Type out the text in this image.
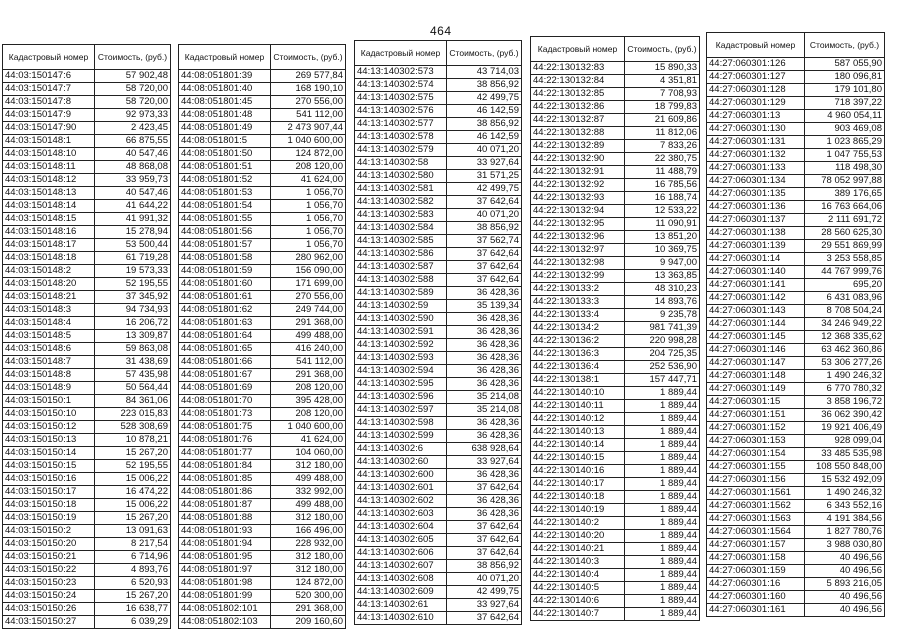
464
Кадастровый номер	Стоимость, (руб.)
44:03:150147:6	57 902,48
44:03:150147:7	58 720,00
44:03:150147:8	58 720,00
44:03:150147:9	92 973,33
44:03:150147:90	2 423,45
44:03:150148:1	66 875,55
44:03:150148:10	40 547,46
44:03:150148:11	48 868,08
44:03:150148:12	33 959,73
44:03:150148:13	40 547,46
44:03:150148:14	41 644,22
44:03:150148:15	41 991,32
44:03:150148:16	15 278,94
44:03:150148:17	53 500,44
44:03:150148:18	61 719,28
44:03:150148:2	19 573,33
44:03:150148:20	52 195,55
44:03:150148:21	37 345,92
44:03:150148:3	94 734,93
44:03:150148:4	16 206,72
44:03:150148:5	13 309,87
44:03:150148:6	59 863,08
44:03:150148:7	31 438,69
44:03:150148:8	57 435,98
44:03:150148:9	50 564,44
44:03:150150:1	84 361,06
44:03:150150:10	223 015,83
44:03:150150:12	528 308,69
44:03:150150:13	10 878,21
44:03:150150:14	15 267,20
44:03:150150:15	52 195,55
44:03:150150:16	15 006,22
44:03:150150:17	16 474,22
44:03:150150:18	15 006,22
44:03:150150:19	15 267,20
44:03:150150:2	13 091,63
44:03:150150:20	8 217,54
44:03:150150:21	6 714,96
44:03:150150:22	4 893,76
44:03:150150:23	6 520,93
44:03:150150:24	15 267,20
44:03:150150:26	16 638,77
44:03:150150:27	6 039,29
Кадастровый номер	Стоимость, (руб.)
44:08:051801:39	269 577,84
44:08:051801:40	168 190,10
44:08:051801:45	270 556,00
44:08:051801:48	541 112,00
44:08:051801:49	2 473 907,44
44:08:051801:5	1 040 600,00
44:08:051801:50	124 872,00
44:08:051801:51	208 120,00
44:08:051801:52	41 624,00
44:08:051801:53	1 056,70
44:08:051801:54	1 056,70
44:08:051801:55	1 056,70
44:08:051801:56	1 056,70
44:08:051801:57	1 056,70
44:08:051801:58	280 962,00
44:08:051801:59	156 090,00
44:08:051801:60	171 699,00
44:08:051801:61	270 556,00
44:08:051801:62	249 744,00
44:08:051801:63	291 368,00
44:08:051801:64	499 488,00
44:08:051801:65	416 240,00
44:08:051801:66	541 112,00
44:08:051801:67	291 368,00
44:08:051801:69	208 120,00
44:08:051801:70	395 428,00
44:08:051801:73	208 120,00
44:08:051801:75	1 040 600,00
44:08:051801:76	41 624,00
44:08:051801:77	104 060,00
44:08:051801:84	312 180,00
44:08:051801:85	499 488,00
44:08:051801:86	332 992,00
44:08:051801:87	499 488,00
44:08:051801:88	312 180,00
44:08:051801:93	166 496,00
44:08:051801:94	228 932,00
44:08:051801:95	312 180,00
44:08:051801:97	312 180,00
44:08:051801:98	124 872,00
44:08:051801:99	520 300,00
44:08:051802:101	291 368,00
44:08:051802:103	209 160,60
Кадастровый номер	Стоимость, (руб.)
44:13:140302:573	43 714,03
44:13:140302:574	38 856,92
44:13:140302:575	42 499,75
44:13:140302:576	46 142,59
44:13:140302:577	38 856,92
44:13:140302:578	46 142,59
44:13:140302:579	40 071,20
44:13:140302:58	33 927,64
44:13:140302:580	31 571,25
44:13:140302:581	42 499,75
44:13:140302:582	37 642,64
44:13:140302:583	40 071,20
44:13:140302:584	38 856,92
44:13:140302:585	37 562,74
44:13:140302:586	37 642,64
44:13:140302:587	37 642,64
44:13:140302:588	37 642,64
44:13:140302:589	36 428,36
44:13:140302:59	35 139,34
44:13:140302:590	36 428,36
44:13:140302:591	36 428,36
44:13:140302:592	36 428,36
44:13:140302:593	36 428,36
44:13:140302:594	36 428,36
44:13:140302:595	36 428,36
44:13:140302:596	35 214,08
44:13:140302:597	35 214,08
44:13:140302:598	36 428,36
44:13:140302:599	36 428,36
44:13:140302:6	638 928,64
44:13:140302:60	33 927,64
44:13:140302:600	36 428,36
44:13:140302:601	37 642,64
44:13:140302:602	36 428,36
44:13:140302:603	36 428,36
44:13:140302:604	37 642,64
44:13:140302:605	37 642,64
44:13:140302:606	37 642,64
44:13:140302:607	38 856,92
44:13:140302:608	40 071,20
44:13:140302:609	42 499,75
44:13:140302:61	33 927,64
44:13:140302:610	37 642,64
Кадастровый номер	Стоимость, (руб.)
44:22:130132:83	15 890,33
44:22:130132:84	4 351,81
44:22:130132:85	7 708,93
44:22:130132:86	18 799,83
44:22:130132:87	21 609,86
44:22:130132:88	11 812,06
44:22:130132:89	7 833,26
44:22:130132:90	22 380,75
44:22:130132:91	11 488,79
44:22:130132:92	16 785,56
44:22:130132:93	16 188,74
44:22:130132:94	12 533,22
44:22:130132:95	11 090,91
44:22:130132:96	13 851,20
44:22:130132:97	10 369,75
44:22:130132:98	9 947,00
44:22:130132:99	13 363,85
44:22:130133:2	48 310,23
44:22:130133:3	14 893,76
44:22:130133:4	9 235,78
44:22:130134:2	981 741,39
44:22:130136:2	220 998,28
44:22:130136:3	204 725,35
44:22:130136:4	252 536,90
44:22:130138:1	157 447,71
44:22:130140:10	1 889,44
44:22:130140:11	1 889,44
44:22:130140:12	1 889,44
44:22:130140:13	1 889,44
44:22:130140:14	1 889,44
44:22:130140:15	1 889,44
44:22:130140:16	1 889,44
44:22:130140:17	1 889,44
44:22:130140:18	1 889,44
44:22:130140:19	1 889,44
44:22:130140:2	1 889,44
44:22:130140:20	1 889,44
44:22:130140:21	1 889,44
44:22:130140:3	1 889,44
44:22:130140:4	1 889,44
44:22:130140:5	1 889,44
44:22:130140:6	1 889,44
44:22:130140:7	1 889,44
Кадастровый номер	Стоимость, (руб.)
44:27:060301:126	587 055,90
44:27:060301:127	180 096,81
44:27:060301:128	179 101,80
44:27:060301:129	718 397,22
44:27:060301:13	4 960 054,11
44:27:060301:130	903 469,08
44:27:060301:131	1 023 865,29
44:27:060301:132	1 047 755,53
44:27:060301:133	118 498,30
44:27:060301:134	78 052 997,88
44:27:060301:135	389 176,65
44:27:060301:136	16 763 664,06
44:27:060301:137	2 111 691,72
44:27:060301:138	28 560 625,30
44:27:060301:139	29 551 869,99
44:27:060301:14	3 253 558,85
44:27:060301:140	44 767 999,76
44:27:060301:141	695,20
44:27:060301:142	6 431 083,96
44:27:060301:143	8 708 504,24
44:27:060301:144	34 246 949,22
44:27:060301:145	12 368 335,62
44:27:060301:146	63 462 360,86
44:27:060301:147	53 306 277,26
44:27:060301:148	1 490 246,32
44:27:060301:149	6 770 780,32
44:27:060301:15	3 858 196,72
44:27:060301:151	36 062 390,42
44:27:060301:152	19 921 406,49
44:27:060301:153	928 099,04
44:27:060301:154	33 485 535,98
44:27:060301:155	108 550 848,00
44:27:060301:156	15 532 492,09
44:27:060301:1561	1 490 246,32
44:27:060301:1562	6 343 552,16
44:27:060301:1563	4 191 384,56
44:27:060301:1564	1 827 780,76
44:27:060301:157	3 988 030,80
44:27:060301:158	40 496,56
44:27:060301:159	40 496,56
44:27:060301:16	5 893 216,05
44:27:060301:160	40 496,56
44:27:060301:161	40 496,56
